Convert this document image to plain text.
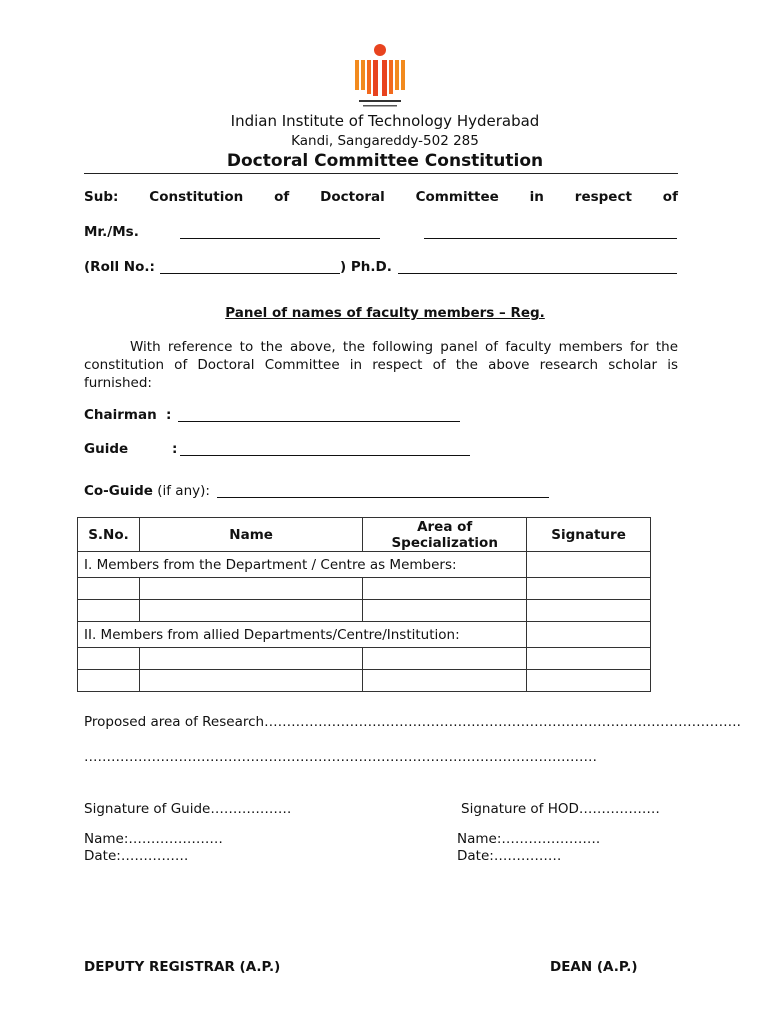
Indian Institute of Technology Hyderabad
Kandi, Sangareddy-502 285
Doctoral Committee Constitution
Sub: Constitution of Doctoral Committee in respect of
Mr./Ms.
(Roll No.:	) Ph.D.
Panel of names of faculty members – Reg.
With reference to the above, the following panel of faculty members for the constitution of Doctoral Committee in respect of the above research scholar is furnished:
Chairman :
Guide	:
Co-Guide (if any):
S.No.	Name	Area of Specialization	Signature
I. Members from the Department / Centre as Members:			

II. Members from allied Departments/Centre/Institution:			

Proposed area of Research…………………………………………………………………………………………….
……………………………………………………………………………………………………
Signature of Guide………………	Signature of HOD………………
Name:…………………
Date:……………
Name:………………….
Date:……………
DEPUTY REGISTRAR (A.P.)	DEAN (A.P.)
